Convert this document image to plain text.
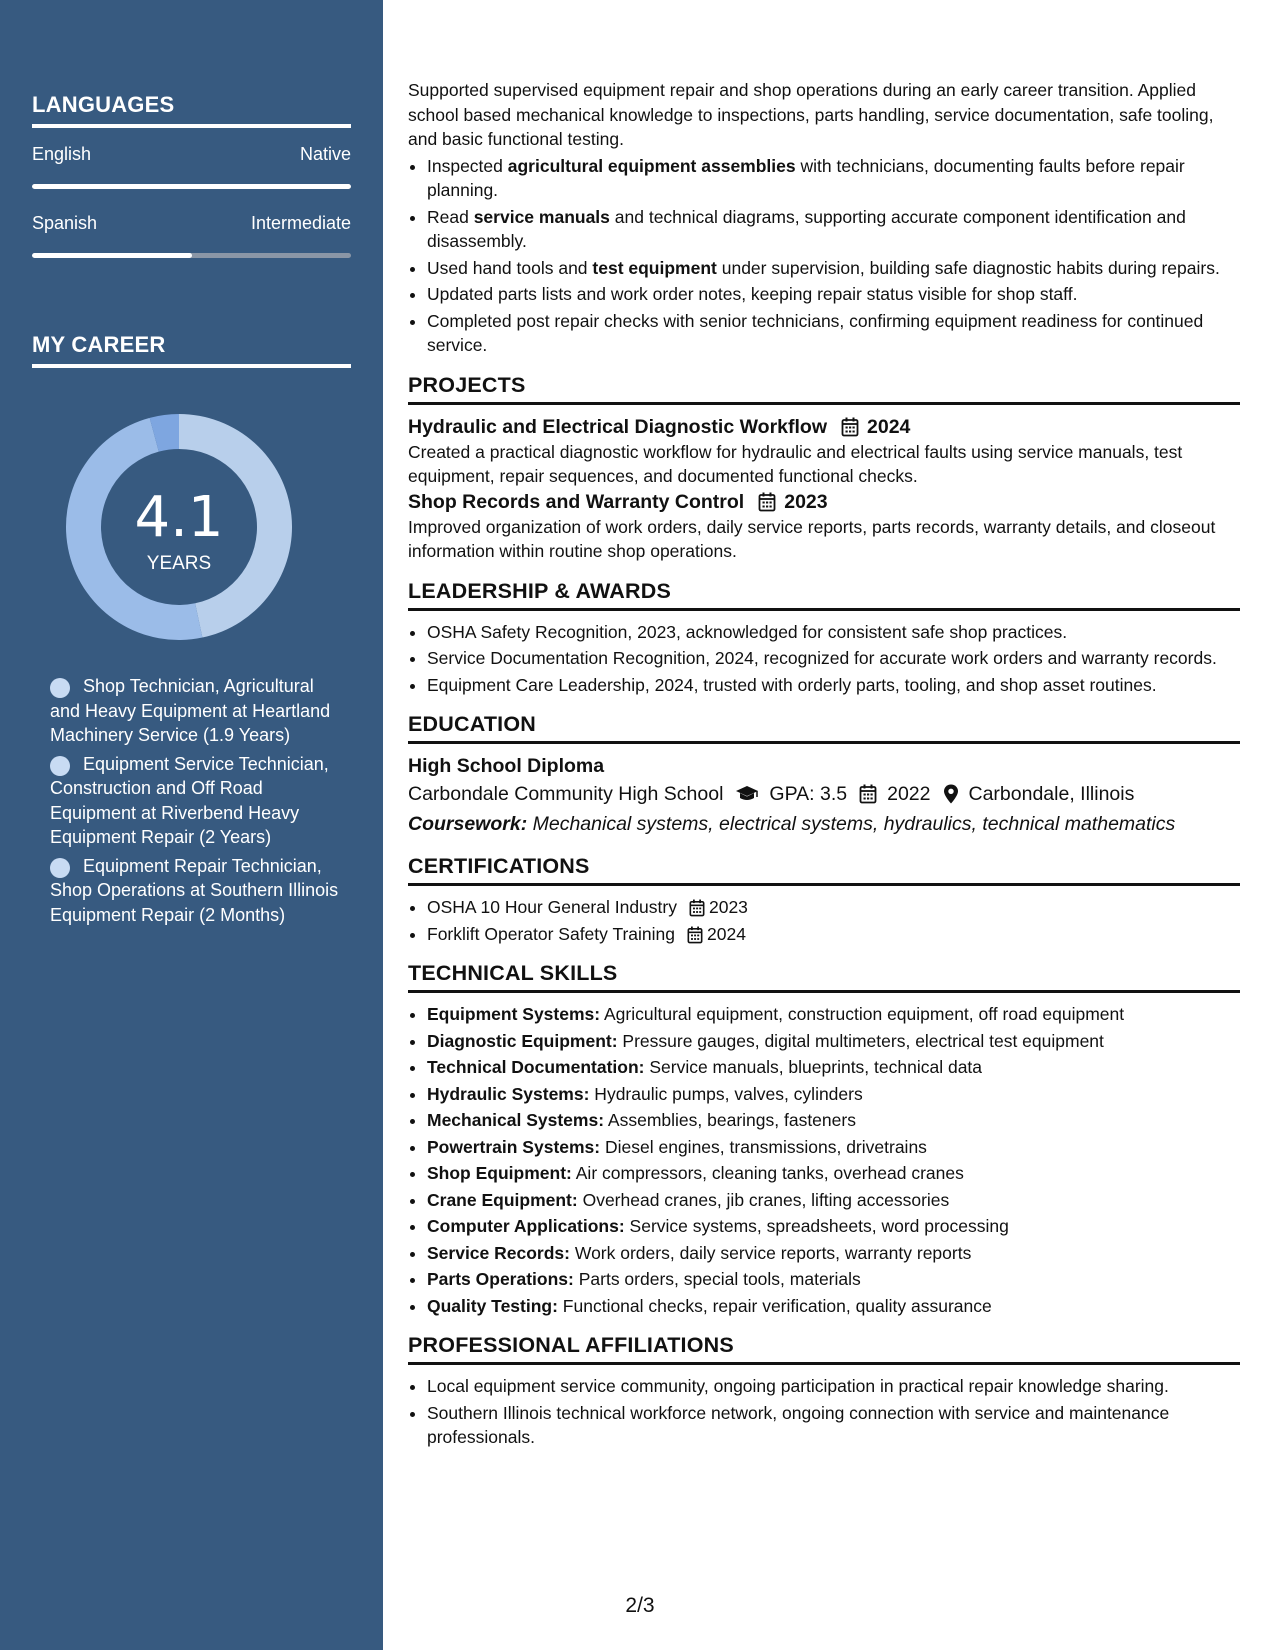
LANGUAGES
English	Native
Spanish	Intermediate
MY CAREER
4.1
YEARS
Shop Technician, Agricultural and Heavy Equipment at Heartland Machinery Service (1.9 Years)
Equipment Service Technician, Construction and Off Road Equipment at Riverbend Heavy Equipment Repair (2 Years)
Equipment Repair Technician, Shop Operations at Southern Illinois Equipment Repair (2 Months)

Supported supervised equipment repair and shop operations during an early career transition. Applied school based mechanical knowledge to inspections, parts handling, service documentation, safe tooling, and basic functional testing.

• Inspected agricultural equipment assemblies with technicians, documenting faults before repair planning.
• Read service manuals and technical diagrams, supporting accurate component identification and disassembly.
• Used hand tools and test equipment under supervision, building safe diagnostic habits during repairs.
• Updated parts lists and work order notes, keeping repair status visible for shop staff.
• Completed post repair checks with senior technicians, confirming equipment readiness for continued service.
PROJECTS
Hydraulic and Electrical Diagnostic Workflow 2024

Created a practical diagnostic workflow for hydraulic and electrical faults using service manuals, test equipment, repair sequences, and documented functional checks.

Shop Records and Warranty Control 2023

Improved organization of work orders, daily service reports, parts records, warranty details, and closeout information within routine shop operations.

LEADERSHIP & AWARDS
• OSHA Safety Recognition, 2023, acknowledged for consistent safe shop practices.
• Service Documentation Recognition, 2024, recognized for accurate work orders and warranty records.
• Equipment Care Leadership, 2024, trusted with orderly parts, tooling, and shop asset routines.
EDUCATION
High School Diploma
Carbondale Community High School GPA: 3.5 2022 Carbondale, Illinois
Coursework: Mechanical systems, electrical systems, hydraulics, technical mathematics
CERTIFICATIONS
• OSHA 10 Hour General Industry 2023
• Forklift Operator Safety Training 2024
TECHNICAL SKILLS
• Equipment Systems: Agricultural equipment, construction equipment, off road equipment
• Diagnostic Equipment: Pressure gauges, digital multimeters, electrical test equipment
• Technical Documentation: Service manuals, blueprints, technical data
• Hydraulic Systems: Hydraulic pumps, valves, cylinders
• Mechanical Systems: Assemblies, bearings, fasteners
• Powertrain Systems: Diesel engines, transmissions, drivetrains
• Shop Equipment: Air compressors, cleaning tanks, overhead cranes
• Crane Equipment: Overhead cranes, jib cranes, lifting accessories
• Computer Applications: Service systems, spreadsheets, word processing
• Service Records: Work orders, daily service reports, warranty reports
• Parts Operations: Parts orders, special tools, materials
• Quality Testing: Functional checks, repair verification, quality assurance
PROFESSIONAL AFFILIATIONS
• Local equipment service community, ongoing participation in practical repair knowledge sharing.
• Southern Illinois technical workforce network, ongoing connection with service and maintenance professionals.
2/3
